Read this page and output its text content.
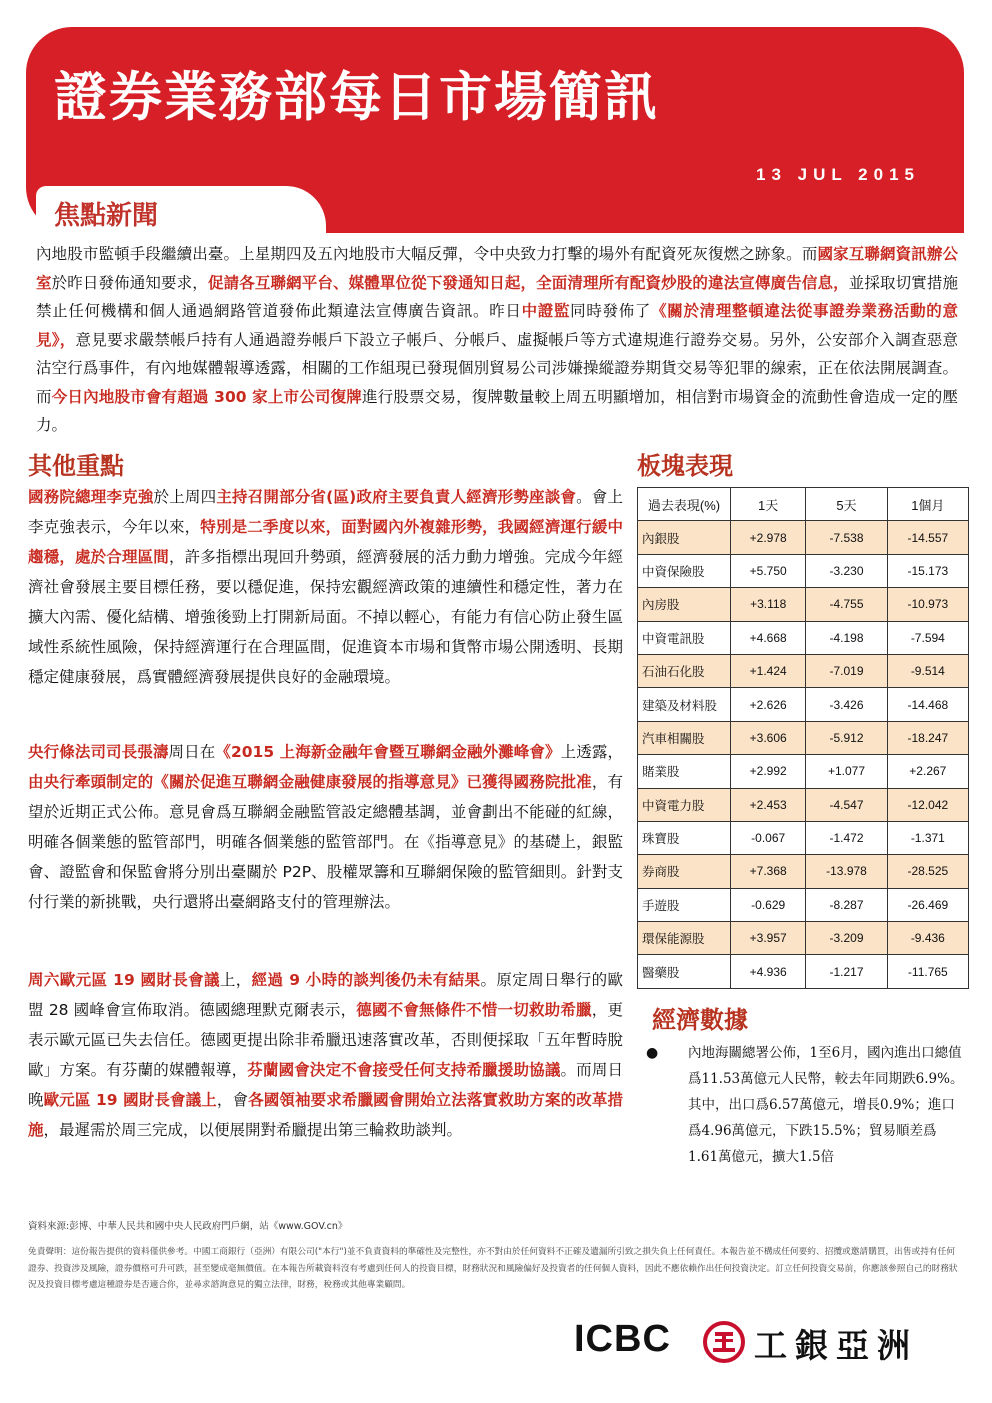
證券業務部每日市場簡訊
13 JUL 2015
焦點新聞
內地股市監頓手段繼續出臺。上星期四及五內地股市大幅反彈，令中央致力打擊的場外有配資死灰復燃之跡象。而國家互聯網資訊辦公室於昨日發佈通知要求，促請各互聯網平台、媒體單位從下發通知日起，全面清理所有配資炒股的違法宣傳廣告信息，並採取切實措施禁止任何機構和個人通過網路管道發佈此類違法宣傳廣告資訊。昨日中證監同時發佈了《關於清理整頓違法從事證券業務活動的意見》，意見要求嚴禁帳戶持有人通過證券帳戶下設立子帳戶、分帳戶、虛擬帳戶等方式違規進行證券交易。另外，公安部介入調查惡意沽空行爲事件，有內地媒體報導透露，相關的工作組現已發現個別貿易公司涉嫌操縱證券期貨交易等犯罪的線索，正在依法開展調查。而今日內地股市會有超過 300 家上市公司復牌進行股票交易，復牌數量較上周五明顯增加，相信對市場資金的流動性會造成一定的壓力。
其他重點
國務院總理李克強於上周四主持召開部分省(區)政府主要負責人經濟形勢座談會。會上李克強表示，今年以來，特別是二季度以來，面對國內外複雜形勢，我國經濟運行緩中趨穩，處於合理區間，許多指標出現回升勢頭，經濟發展的活力動力增強。完成今年經濟社會發展主要目標任務，要以穩促進，保持宏觀經濟政策的連續性和穩定性，著力在擴大內需、優化結構、增強後勁上打開新局面。不掉以輕心，有能力有信心防止發生區域性系統性風險，保持經濟運行在合理區間，促進資本市場和貨幣市場公開透明、長期穩定健康發展，爲實體經濟發展提供良好的金融環境。
央行條法司司長張濤周日在《2015 上海新金融年會暨互聯網金融外灘峰會》上透露，由央行牽頭制定的《關於促進互聯網金融健康發展的指導意見》已獲得國務院批准，有望於近期正式公佈。意見會爲互聯網金融監管設定總體基調，並會劃出不能碰的紅線，明確各個業態的監管部門，明確各個業態的監管部門。在《指導意見》的基礎上，銀監會、證監會和保監會將分別出臺關於 P2P、股權眾籌和互聯網保險的監管細則。針對支付行業的新挑戰，央行還將出臺網路支付的管理辦法。
周六歐元區 19 國財長會議上，經過 9 小時的談判後仍未有結果。原定周日舉行的歐盟 28 國峰會宣佈取消。德國總理默克爾表示，德國不會無條件不惜一切救助希臘，更表示歐元區已失去信任。德國更提出除非希臘迅速落實改革，否則便採取「五年暫時脫歐」方案。有芬蘭的媒體報導，芬蘭國會決定不會接受任何支持希臘援助協議。而周日晚歐元區 19 國財長會議上，會各國領袖要求希臘國會開始立法落實救助方案的改革措施，最遲需於周三完成，以便展開對希臘提出第三輪救助談判。
板塊表現
過去表現(%)	1天	5天	1個月
內銀股	+2.978	-7.538	-14.557
中資保險股	+5.750	-3.230	-15.173
內房股	+3.118	-4.755	-10.973
中資電訊股	+4.668	-4.198	-7.594
石油石化股	+1.424	-7.019	-9.514
建築及材料股	+2.626	-3.426	-14.468
汽車相關股	+3.606	-5.912	-18.247
賭業股	+2.992	+1.077	+2.267
中資電力股	+2.453	-4.547	-12.042
珠寶股	-0.067	-1.472	-1.371
券商股	+7.368	-13.978	-28.525
手遊股	-0.629	-8.287	-26.469
環保能源股	+3.957	-3.209	-9.436
醫藥股	+4.936	-1.217	-11.765
經濟數據
● 內地海關總署公佈，1至6月，國內進出口總值爲11.53萬億元人民幣，較去年同期跌6.9%。其中，出口爲6.57萬億元，增長0.9%；進口爲4.96萬億元，下跌15.5%；貿易順差爲1.61萬億元，擴大1.5倍
資料來源:彭博、中華人民共和國中央人民政府門戶網，站《www.GOV.cn》
免責聲明：這份報告提供的資料僅供參考。中國工商銀行（亞洲）有限公司("本行")並不負責資料的準確性及完整性，亦不對由於任何資料不正確及遺漏所引致之損失負上任何責任。本報告並不構成任何要約、招攬或邀請購買，出售或持有任何證券、投資涉及風險，證券價格可升可跌，甚至變成毫無價值。在本報告所載資料沒有考慮到任何人的投資目標，財務狀況和風險偏好及投資者的任何個人資料，因此不應依賴作出任何投資決定。訂立任何投資交易前，你應該參照自己的財務狀況及投資目標考慮這種證券是否適合你，並尋求諮詢意見的獨立法律，財務，稅務或其他專業顧問。
ICBC	工銀亞洲
